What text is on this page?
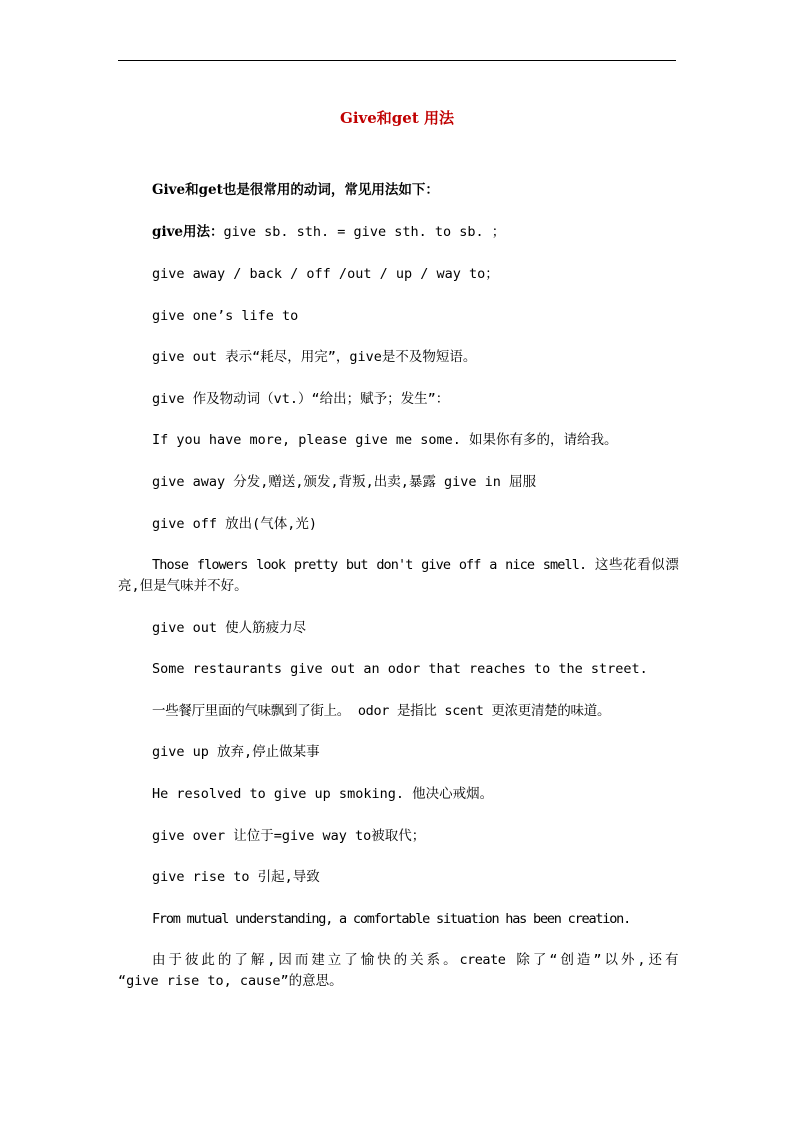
Give和get 用法
Give和get也是很常用的动词，常见用法如下：
give用法：give sb. sth. = give sth. to sb. ；
give away / back / off /out / up / way to；
give one’s life to
give out 表示“耗尽，用完”，give是不及物短语。
give 作及物动词（vt.）“给出；赋予；发生”：
If you have more, please give me some. 如果你有多的，请给我。
give away 分发,赠送,颁发,背叛,出卖,暴露 give in 屈服
give off 放出(气体,光)
Those flowers look pretty but don't give off a nice smell. 这些花看似漂
亮,但是气味并不好。
give out 使人筋疲力尽
Some restaurants give out an odor that reaches to the street.
一些餐厅里面的气味飘到了街上。 odor 是指比 scent 更浓更清楚的味道。
give up 放弃,停止做某事
He resolved to give up smoking. 他决心戒烟。
give over 让位于=give way to被取代；
give rise to 引起,导致
From mutual understanding, a comfortable situation has been creation.
由于彼此的了解,因而建立了愉快的关系。create 除了“创造”以外,还有
“give rise to, cause”的意思。
